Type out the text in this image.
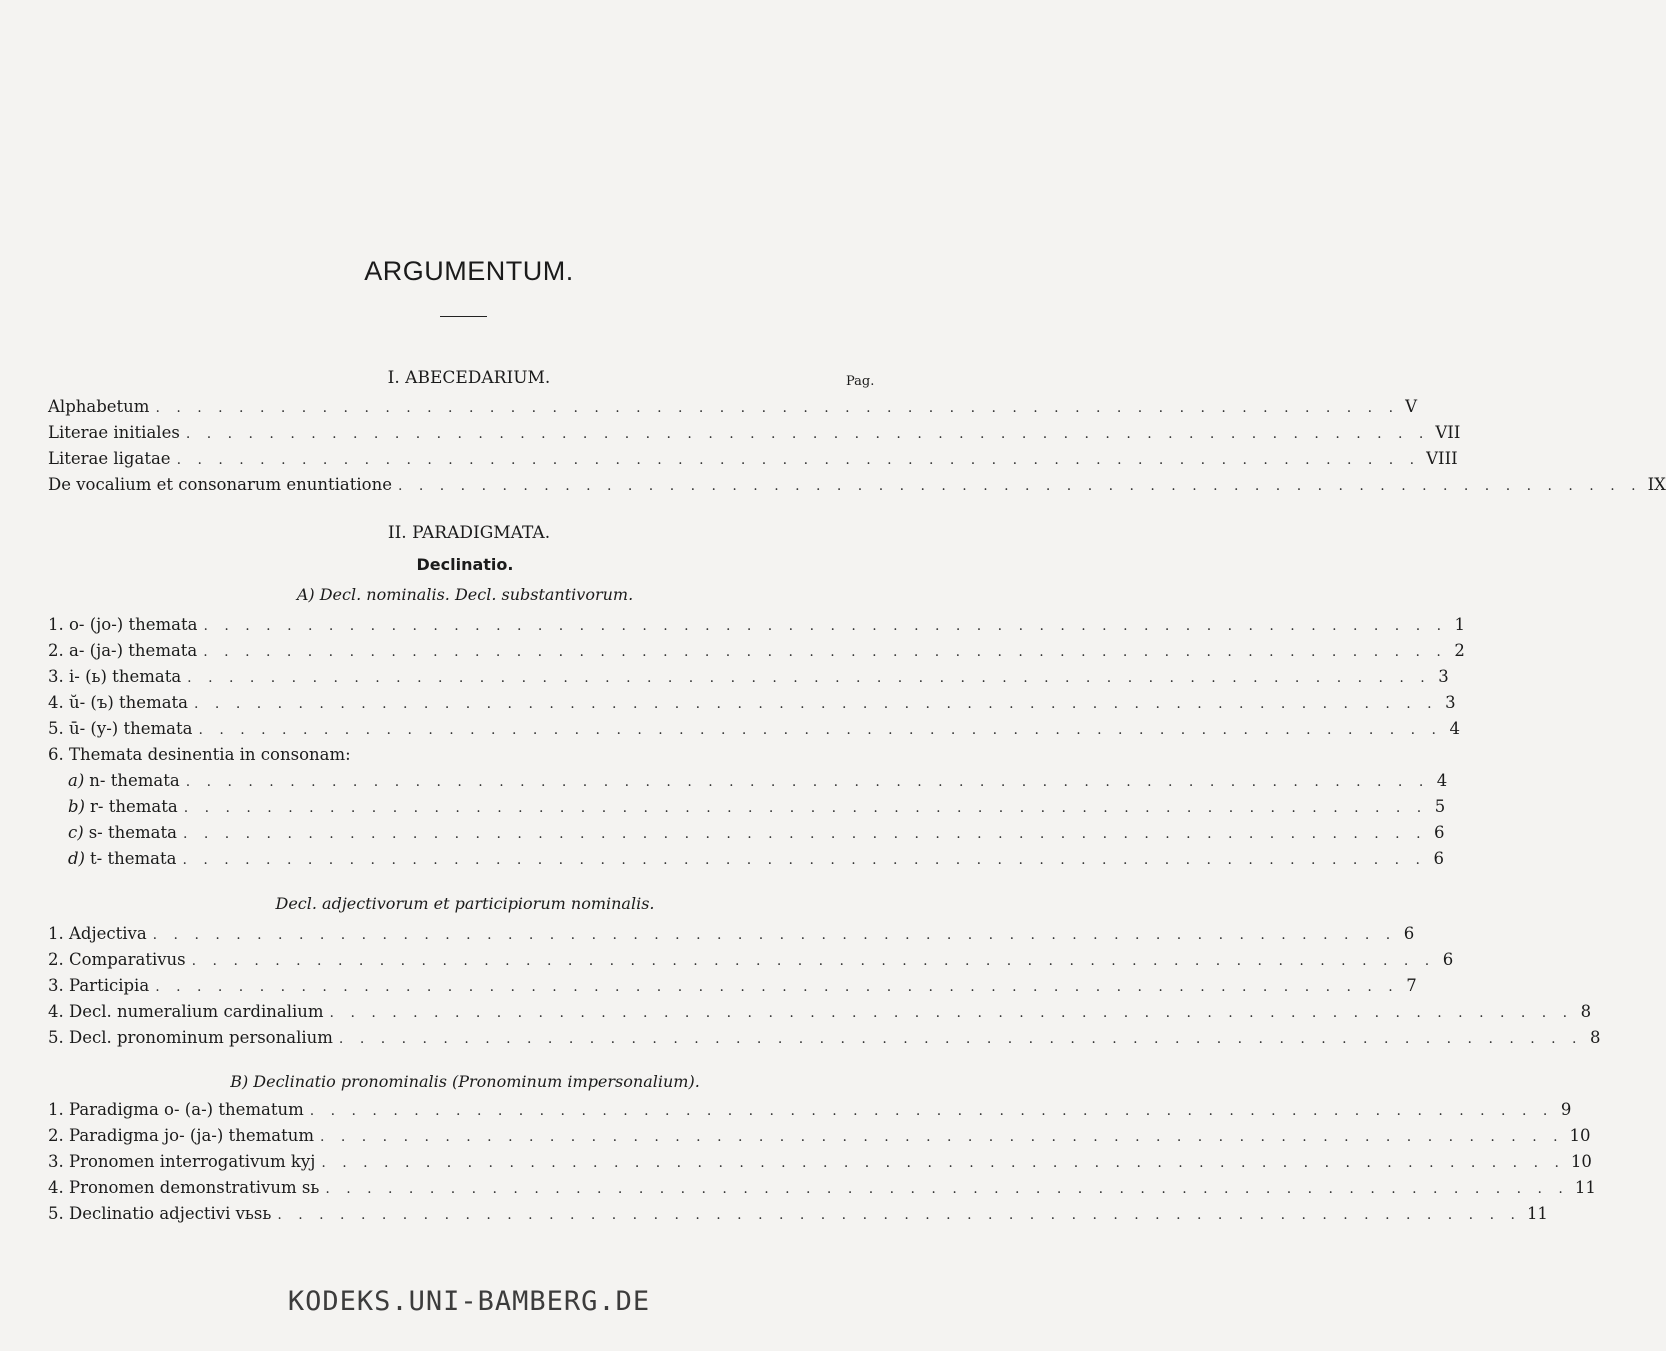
ARGUMENTUM.
I. ABECEDARIUM.	Pag.
Alphabetum . . . . . . . . . . . . . . . . . . . . . . . . . . . . . . . . . . . . . . . . . . . . . . . . . . . . . . . . . . . . V
Literae initiales . . . . . . . . . . . . . . . . . . . . . . . . . . . . . . . . . . . . . . . . . . . . . . . . . . . . . . . . . . . . VII
Literae ligatae . . . . . . . . . . . . . . . . . . . . . . . . . . . . . . . . . . . . . . . . . . . . . . . . . . . . . . . . . . . . VIII
De vocalium et consonarum enuntiatione . . . . . . . . . . . . . . . . . . . . . . . . . . . . . . . . . . . . . . . . . . . . . . . . . . . . . . . . . . . . IX
II. PARADIGMATA.
Declinatio.
A) Decl. nominalis. Decl. substantivorum.
1. o- (jo-) thematа . . . . . . . . . . . . . . . . . . . . . . . . . . . . . . . . . . . . . . . . . . . . . . . . . . . . . . . . . . . . 1
2. a- (ja-) themata . . . . . . . . . . . . . . . . . . . . . . . . . . . . . . . . . . . . . . . . . . . . . . . . . . . . . . . . . . . . 2
3. i- (ь) themata . . . . . . . . . . . . . . . . . . . . . . . . . . . . . . . . . . . . . . . . . . . . . . . . . . . . . . . . . . . . 3
4. ŭ- (ъ) themata . . . . . . . . . . . . . . . . . . . . . . . . . . . . . . . . . . . . . . . . . . . . . . . . . . . . . . . . . . . . 3
5. ū- (y-) themata . . . . . . . . . . . . . . . . . . . . . . . . . . . . . . . . . . . . . . . . . . . . . . . . . . . . . . . . . . . . 4
6. Themata desinentia in consonam:
a) n- themata . . . . . . . . . . . . . . . . . . . . . . . . . . . . . . . . . . . . . . . . . . . . . . . . . . . . . . . . . . . . 4
b) r- themata . . . . . . . . . . . . . . . . . . . . . . . . . . . . . . . . . . . . . . . . . . . . . . . . . . . . . . . . . . . . 5
c) s- themata . . . . . . . . . . . . . . . . . . . . . . . . . . . . . . . . . . . . . . . . . . . . . . . . . . . . . . . . . . . . 6
d) t- themata . . . . . . . . . . . . . . . . . . . . . . . . . . . . . . . . . . . . . . . . . . . . . . . . . . . . . . . . . . . . 6
Decl. adjectivorum et participiorum nominalis.
1. Adjectiva . . . . . . . . . . . . . . . . . . . . . . . . . . . . . . . . . . . . . . . . . . . . . . . . . . . . . . . . . . . . 6
2. Comparativus . . . . . . . . . . . . . . . . . . . . . . . . . . . . . . . . . . . . . . . . . . . . . . . . . . . . . . . . . . . . 6
3. Participia . . . . . . . . . . . . . . . . . . . . . . . . . . . . . . . . . . . . . . . . . . . . . . . . . . . . . . . . . . . . 7
4. Decl. numeralium cardinalium . . . . . . . . . . . . . . . . . . . . . . . . . . . . . . . . . . . . . . . . . . . . . . . . . . . . . . . . . . . . 8
5. Decl. pronominum personalium . . . . . . . . . . . . . . . . . . . . . . . . . . . . . . . . . . . . . . . . . . . . . . . . . . . . . . . . . . . . 8
B) Declinatio pronominalis (Pronominum impersonalium).
1. Paradigma o- (a-) thematum . . . . . . . . . . . . . . . . . . . . . . . . . . . . . . . . . . . . . . . . . . . . . . . . . . . . . . . . . . . . 9
2. Paradigma jo- (ja-) thematum . . . . . . . . . . . . . . . . . . . . . . . . . . . . . . . . . . . . . . . . . . . . . . . . . . . . . . . . . . . . 10
3. Pronomen interrogativum kyj . . . . . . . . . . . . . . . . . . . . . . . . . . . . . . . . . . . . . . . . . . . . . . . . . . . . . . . . . . . . 10
4. Pronomen demonstrativum sь . . . . . . . . . . . . . . . . . . . . . . . . . . . . . . . . . . . . . . . . . . . . . . . . . . . . . . . . . . . . 11
5. Declinatio adjectivi vьsь . . . . . . . . . . . . . . . . . . . . . . . . . . . . . . . . . . . . . . . . . . . . . . . . . . . . . . . . . . . . 11
KODEKS.UNI-BAMBERG.DE
